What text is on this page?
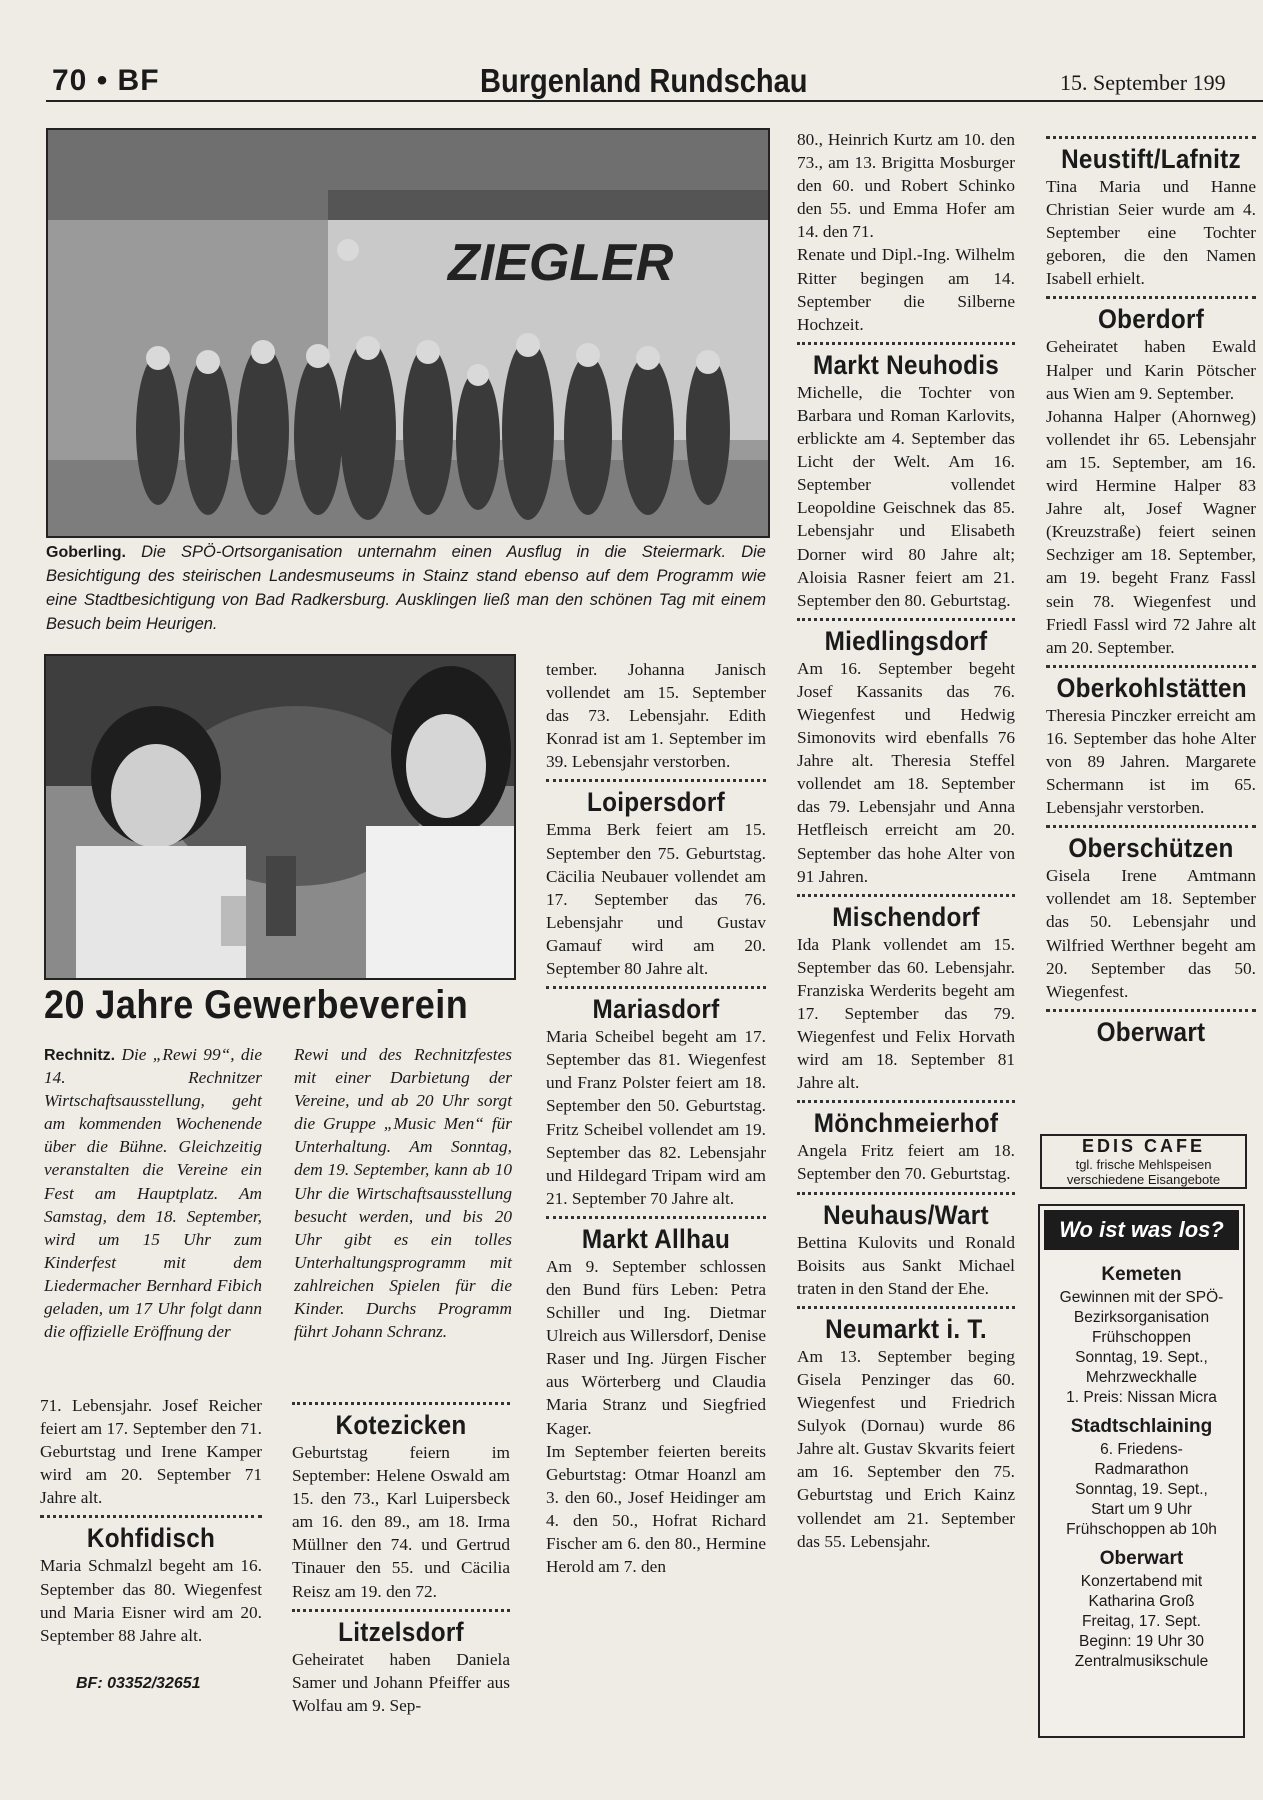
70 • BF	Burgenland Rundschau	15. September 199
ZIEGLER
Goberling. Die SPÖ-Ortsorganisation unternahm einen Ausflug in die Steiermark. Die Besichtigung des steirischen Landesmuseums in Stainz stand ebenso auf dem Programm wie eine Stadtbesichtigung von Bad Radkersburg. Ausklingen ließ man den schönen Tag mit einem Besuch beim Heurigen.
20 Jahre Gewerbeverein
Rechnitz. Die „Rewi 99“, die 14. Rechnitzer Wirtschaftsausstellung, geht am kommenden Wochenende über die Bühne. Gleichzeitig veranstalten die Vereine ein Fest am Hauptplatz. Am Samstag, dem 18. September, wird um 15 Uhr zum Kinderfest mit dem Liedermacher Bernhard Fibich geladen, um 17 Uhr folgt dann die offizielle Eröffnung der
Rewi und des Rechnitzfestes mit einer Darbietung der Vereine, und ab 20 Uhr sorgt die Gruppe „Music Men“ für Unterhaltung. Am Sonntag, dem 19. September, kann ab 10 Uhr die Wirtschaftsausstellung besucht werden, und bis 20 Uhr gibt es ein tolles Unterhaltungsprogramm mit zahlreichen Spielen für die Kinder. Durchs Programm führt Johann Schranz.

71. Lebensjahr. Josef Reicher feiert am 17. September den 71. Geburtstag und Irene Kamper wird am 20. September 71 Jahre alt.

Kohfidisch

Maria Schmalzl begeht am 16. September das 80. Wiegenfest und Maria Eisner wird am 20. September 88 Jahre alt.

BF: 03352/32651

Kotezicken

Geburtstag feiern im September: Helene Oswald am 15. den 73., Karl Luipersbeck am 16. den 89., am 18. Irma Müllner den 74. und Gertrud Tinauer den 55. und Cäcilia Reisz am 19. den 72.

Litzelsdorf

Geheiratet haben Daniela Samer und Johann Pfeiffer aus Wolfau am 9. Sep-

tember. Johanna Janisch vollendet am 15. September das 73. Lebensjahr. Edith Konrad ist am 1. September im 39. Lebensjahr verstorben.

Loipersdorf

Emma Berk feiert am 15. September den 75. Geburtstag. Cäcilia Neubauer vollendet am 17. September das 76. Lebensjahr und Gustav Gamauf wird am 20. September 80 Jahre alt.

Mariasdorf

Maria Scheibel begeht am 17. September das 81. Wiegenfest und Franz Polster feiert am 18. September den 50. Geburtstag. Fritz Scheibel vollendet am 19. September das 82. Lebensjahr und Hildegard Tripam wird am 21. September 70 Jahre alt.

Markt Allhau

Am 9. September schlossen den Bund fürs Leben: Petra Schiller und Ing. Dietmar Ulreich aus Willersdorf, Denise Raser und Ing. Jürgen Fischer aus Wörterberg und Claudia Maria Stranz und Siegfried Kager.

Im September feierten bereits Geburtstag: Otmar Hoanzl am 3. den 60., Josef Heidinger am 4. den 50., Hofrat Richard Fischer am 6. den 80., Hermine Herold am 7. den

80., Heinrich Kurtz am 10. den 73., am 13. Brigitta Mosburger den 60. und Robert Schinko den 55. und Emma Hofer am 14. den 71.

Renate und Dipl.-Ing. Wilhelm Ritter begingen am 14. September die Silberne Hochzeit.

Markt Neuhodis

Michelle, die Tochter von Barbara und Roman Karlovits, erblickte am 4. September das Licht der Welt. Am 16. September vollendet Leopoldine Geischnek das 85. Lebensjahr und Elisabeth Dorner wird 80 Jahre alt; Aloisia Rasner feiert am 21. September den 80. Geburtstag.

Miedlingsdorf

Am 16. September begeht Josef Kassanits das 76. Wiegenfest und Hedwig Simonovits wird ebenfalls 76 Jahre alt. Theresia Steffel vollendet am 18. September das 79. Lebensjahr und Anna Hetfleisch erreicht am 20. September das hohe Alter von 91 Jahren.

Mischendorf

Ida Plank vollendet am 15. September das 60. Lebensjahr. Franziska Werderits begeht am 17. September das 79. Wiegenfest und Felix Horvath wird am 18. September 81 Jahre alt.

Mönchmeierhof

Angela Fritz feiert am 18. September den 70. Geburtstag.

Neuhaus/Wart

Bettina Kulovits und Ronald Boisits aus Sankt Michael traten in den Stand der Ehe.

Neumarkt i. T.

Am 13. September beging Gisela Penzinger das 60. Wiegenfest und Friedrich Sulyok (Dornau) wurde 86 Jahre alt. Gustav Skvarits feiert am 16. September den 75. Geburtstag und Erich Kainz vollendet am 21. September das 55. Lebensjahr.

Neustift/Lafnitz

Tina Maria und Hanne Christian Seier wurde am 4. September eine Tochter geboren, die den Namen Isabell erhielt.

Oberdorf

Geheiratet haben Ewald Halper und Karin Pötscher aus Wien am 9. September.

Johanna Halper (Ahornweg) vollendet ihr 65. Lebensjahr am 15. September, am 16. wird Hermine Halper 83 Jahre alt, Josef Wagner (Kreuzstraße) feiert seinen Sechziger am 18. September, am 19. begeht Franz Fassl sein 78. Wiegenfest und Friedl Fassl wird 72 Jahre alt am 20. September.

Oberkohlstätten

Theresia Pinczker erreicht am 16. September das hohe Alter von 89 Jahren. Margarete Schermann ist im 65. Lebensjahr verstorben.

Oberschützen

Gisela Irene Amtmann vollendet am 18. September das 50. Lebensjahr und Wilfried Werthner begeht am 20. September das 50. Wiegenfest.

Oberwart
EDIS CAFE
tgl. frische Mehlspeisen
verschiedene Eisangebote
Wo ist was los?
Kemeten
Gewinnen mit der SPÖ-
Bezirksorganisation
Frühschoppen
Sonntag, 19. Sept.,
Mehrzweckhalle
1. Preis: Nissan Micra
Stadtschlaining
6. Friedens-
Radmarathon
Sonntag, 19. Sept.,
Start um 9 Uhr
Frühschoppen ab 10h
Oberwart
Konzertabend mit
Katharina Groß
Freitag, 17. Sept.
Beginn: 19 Uhr 30
Zentralmusikschule
